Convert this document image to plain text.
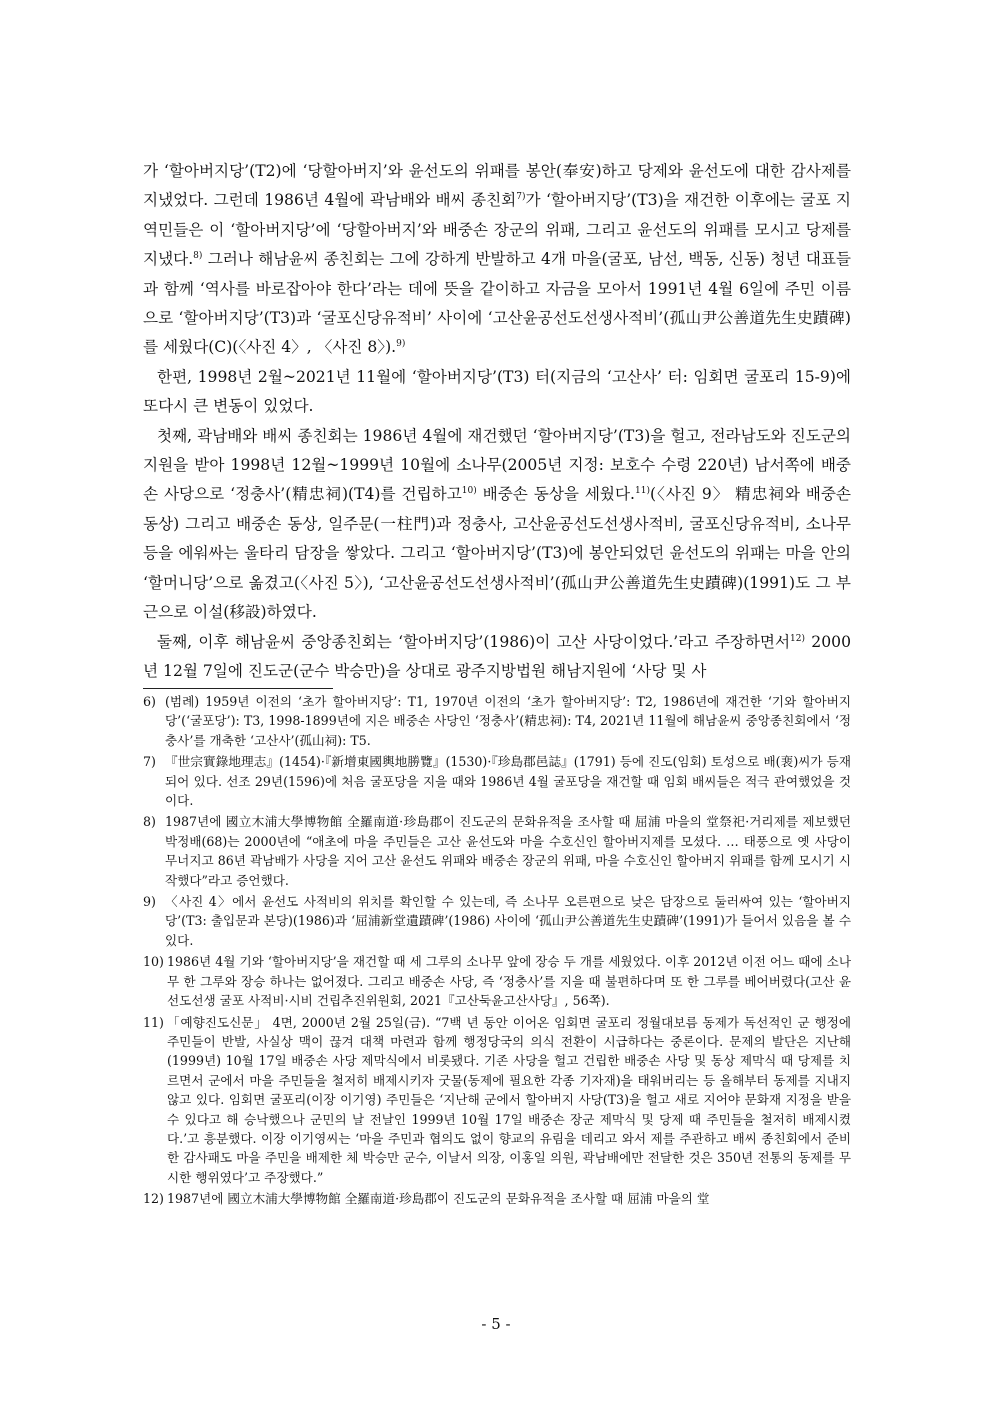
가 ‘할아버지당’(T2)에 ‘당할아버지’와 윤선도의 위패를 봉안(奉安)하고 당제와 윤선도에 대한 감사제를 지냈었다. 그런데 1986년 4월에 곽남배와 배씨 종친회$^{7)}$가 ‘할아버지당’(T3)을 재건한 이후에는 굴포 지역민들은 이 ‘할아버지당’에 ‘당할아버지’와 배중손 장군의 위패, 그리고 윤선도의 위패를 모시고 당제를 지냈다.$^{8)}$ 그러나 해남윤씨 종친회는 그에 강하게 반발하고 4개 마을(굴포, 남선, 백동, 신동) 청년 대표들과 함께 ‘역사를 바로잡아야 한다’라는 데에 뜻을 같이하고 자금을 모아서 1991년 4월 6일에 주민 이름으로 ‘할아버지당’(T3)과 ‘굴포신당유적비’ 사이에 ‘고산윤공선도선생사적비’(孤山尹公善道先生史蹟碑)를 세웠다(C)(〈사진 4〉, 〈사진 8〉).$^{9)}$

한편, 1998년 2월~2021년 11월에 ‘할아버지당’(T3) 터(지금의 ‘고산사’ 터: 임회면 굴포리 15-9)에 또다시 큰 변동이 있었다.

첫째, 곽남배와 배씨 종친회는 1986년 4월에 재건했던 ‘할아버지당’(T3)을 헐고, 전라남도와 진도군의 지원을 받아 1998년 12월~1999년 10월에 소나무(2005년 지정: 보호수 수령 220년) 남서쪽에 배중손 사당으로 ‘정충사’(精忠祠)(T4)를 건립하고$^{10)}$ 배중손 동상을 세웠다.$^{11)}$(〈사진 9〉 精忠祠와 배중손 동상) 그리고 배중손 동상, 일주문(一柱門)과 정충사, 고산윤공선도선생사적비, 굴포신당유적비, 소나무 등을 에워싸는 울타리 담장을 쌓았다. 그리고 ‘할아버지당’(T3)에 봉안되었던 윤선도의 위패는 마을 안의 ‘할머니당’으로 옮겼고(〈사진 5〉), ‘고산윤공선도선생사적비’(孤山尹公善道先生史蹟碑)(1991)도 그 부근으로 이설(移設)하였다.

둘째, 이후 해남윤씨 중앙종친회는 ‘할아버지당’(1986)이 고산 사당이었다.’라고 주장하면서$^{12)}$ 2000년 12월 7일에 진도군(군수 박승만)을 상대로 광주지방법원 해남지원에 ‘사당 및 사

6) (범례) 1959년 이전의 ‘초가 할아버지당’: T1, 1970년 이전의 ‘초가 할아버지당’: T2, 1986년에 재건한 ‘기와 할아버지당’(‘굴포당’): T3, 1998-1899년에 지은 배중손 사당인 ‘정충사’(精忠祠): T4, 2021년 11월에 해남윤씨 중앙종친회에서 ‘정충사’를 개축한 ‘고산사’(孤山祠): T5.
7) 『世宗實錄地理志』(1454)·『新增東國輿地勝覽』(1530)·『珍島郡邑誌』(1791) 등에 진도(임회) 토성으로 배(裵)씨가 등재되어 있다. 선조 29년(1596)에 처음 굴포당을 지을 때와 1986년 4월 굴포당을 재건할 때 임회 배씨들은 적극 관여했었을 것이다.
8) 1987년에 國立木浦大學博物館 全羅南道·珍島郡이 진도군의 문화유적을 조사할 때 屈浦 마을의 堂祭祀·거리제를 제보했던 박정배(68)는 2000년에 “애초에 마을 주민들은 고산 윤선도와 마을 수호신인 할아버지제를 모셨다. … 태풍으로 옛 사당이 무너지고 86년 곽남배가 사당을 지어 고산 윤선도 위패와 배중손 장군의 위패, 마을 수호신인 할아버지 위패를 함께 모시기 시작했다”라고 증언했다.
9) 〈사진 4〉에서 윤선도 사적비의 위치를 확인할 수 있는데, 즉 소나무 오른편으로 낮은 담장으로 둘러싸여 있는 ‘할아버지당’(T3: 출입문과 본당)(1986)과 ‘屈浦新堂遺蹟碑’(1986) 사이에 ‘孤山尹公善道先生史蹟碑’(1991)가 들어서 있음을 볼 수 있다.
10) 1986년 4월 기와 ‘할아버지당’을 재건할 때 세 그루의 소나무 앞에 장승 두 개를 세웠었다. 이후 2012년 이전 어느 때에 소나무 한 그루와 장승 하나는 없어졌다. 그리고 배중손 사당, 즉 ‘정충사’를 지을 때 불편하다며 또 한 그루를 베어버렸다(고산 윤선도선생 굴포 사적비·시비 건립추진위원회, 2021『고산둑윤고산사당』, 56쪽).
11) 「예향진도신문」 4면, 2000년 2월 25일(금). “7백 년 동안 이어온 임회면 굴포리 정월대보름 동제가 독선적인 군 행정에 주민들이 반발, 사실상 맥이 끊겨 대책 마련과 함께 행정당국의 의식 전환이 시급하다는 중론이다. 문제의 발단은 지난해(1999년) 10월 17일 배중손 사당 제막식에서 비롯됐다. 기존 사당을 헐고 건립한 배중손 사당 및 동상 제막식 때 당제를 치르면서 군에서 마을 주민들을 철저히 배제시키자 굿물(동제에 필요한 각종 기자재)을 태워버리는 등 올해부터 동제를 지내지 않고 있다. 임회면 굴포리(이장 이기영) 주민들은 ‘지난해 군에서 할아버지 사당(T3)을 헐고 새로 지어야 문화재 지정을 받을 수 있다고 해 승낙했으나 군민의 날 전날인 1999년 10월 17일 배중손 장군 제막식 및 당제 때 주민들을 철저히 배제시켰다.’고 흥분했다. 이장 이기영씨는 ‘마을 주민과 협의도 없이 향교의 유림을 데리고 와서 제를 주관하고 배씨 종친회에서 준비한 감사패도 마을 주민을 배제한 체 박승만 군수, 이날서 의장, 이홍일 의원, 곽남배에만 전달한 것은 350년 전통의 동제를 무시한 행위였다’고 주장했다.”
12) 1987년에 國立木浦大學博物館 全羅南道·珍島郡이 진도군의 문화유적을 조사할 때 屈浦 마을의 堂
- 5 -
